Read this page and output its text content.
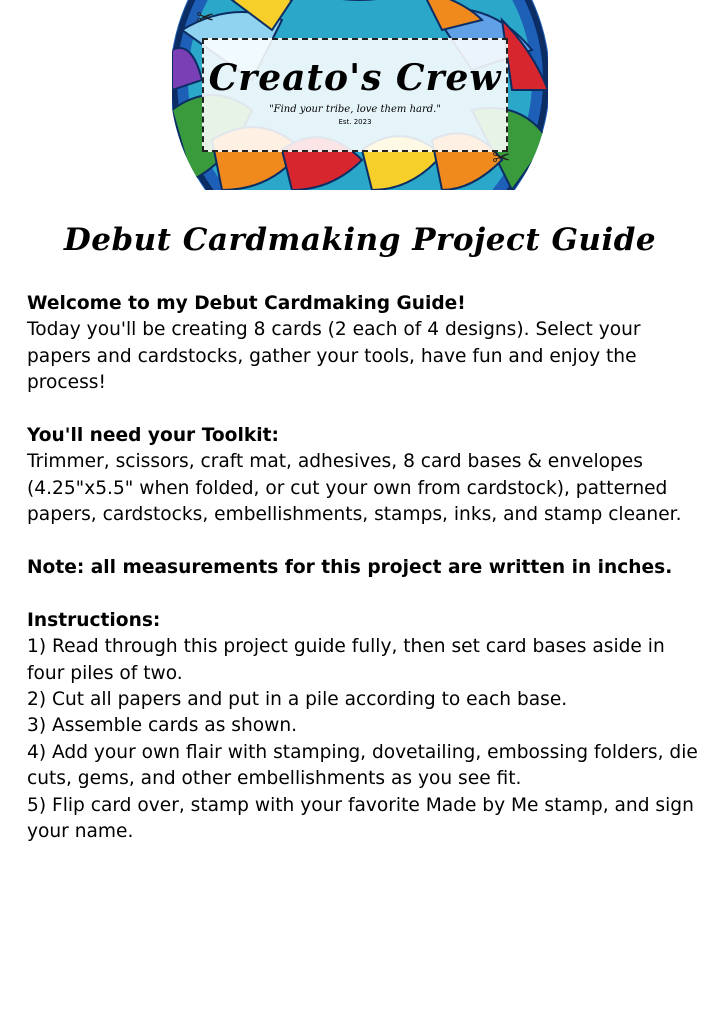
Creato's Crew
"Find your tribe, love them hard."
Est. 2023
✂
✂
Debut Cardmaking Project Guide

Welcome to my Debut Cardmaking Guide!
Today you'll be creating 8 cards (2 each of 4 designs). Select your papers and cardstocks, gather your tools, have fun and enjoy the process!

You'll need your Toolkit:
Trimmer, scissors, craft mat, adhesives, 8 card bases & envelopes (4.25"x5.5" when folded, or cut your own from cardstock), patterned papers, cardstocks, embellishments, stamps, inks, and stamp cleaner.

Note: all measurements for this project are written in inches.

Instructions:
1) Read through this project guide fully, then set card bases aside in four piles of two.
2) Cut all papers and put in a pile according to each base.
3) Assemble cards as shown.
4) Add your own flair with stamping, dovetailing, embossing folders, die cuts, gems, and other embellishments as you see fit.
5) Flip card over, stamp with your favorite Made by Me stamp, and sign your name.
